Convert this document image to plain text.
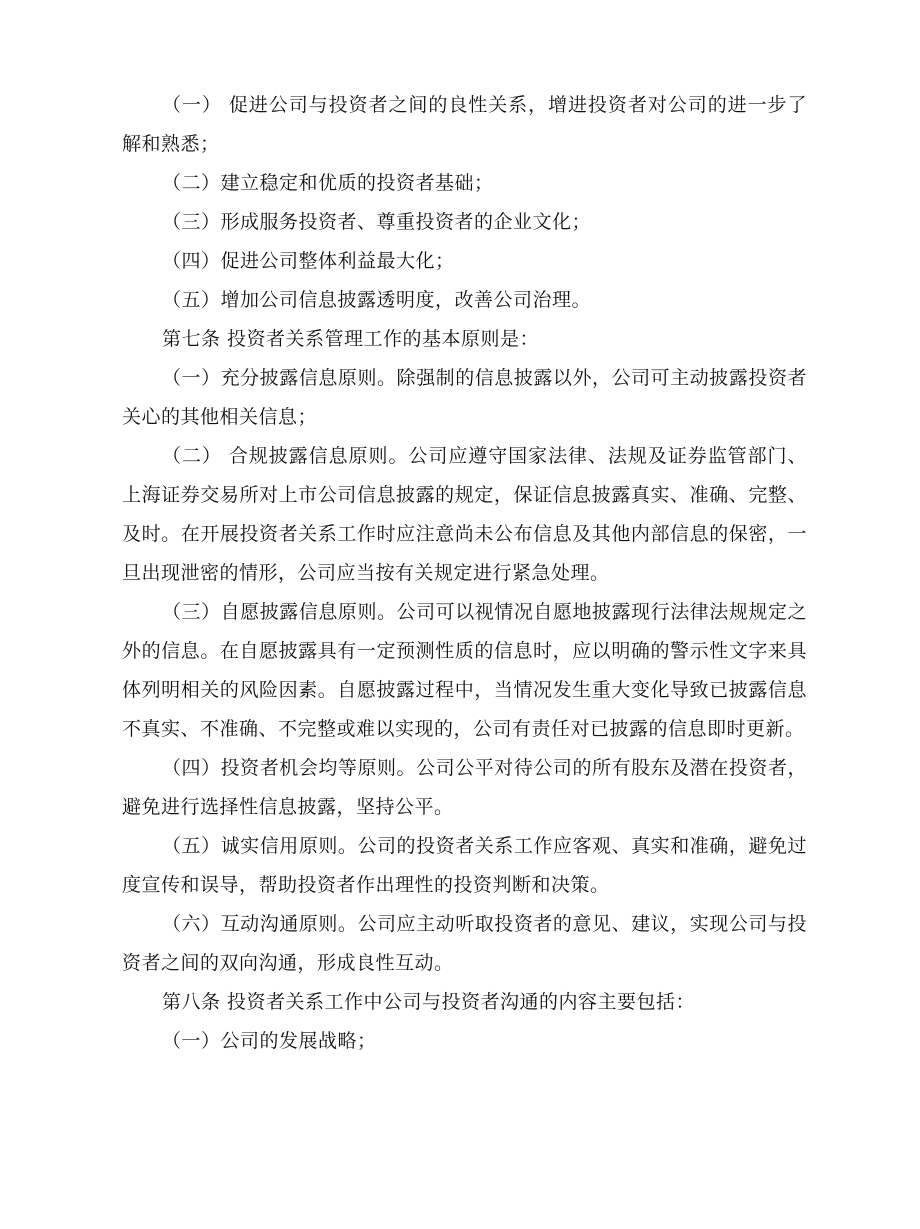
（一） 促进公司与投资者之间的良性关系，增进投资者对公司的进一步了解和熟悉；

（二）建立稳定和优质的投资者基础；

（三）形成服务投资者、尊重投资者的企业文化；

（四）促进公司整体利益最大化；

（五）增加公司信息披露透明度，改善公司治理。

第七条 投资者关系管理工作的基本原则是：

（一）充分披露信息原则。除强制的信息披露以外，公司可主动披露投资者关心的其他相关信息；

（二） 合规披露信息原则。公司应遵守国家法律、法规及证券监管部门、上海证券交易所对上市公司信息披露的规定，保证信息披露真实、准确、完整、及时。在开展投资者关系工作时应注意尚未公布信息及其他内部信息的保密，一旦出现泄密的情形，公司应当按有关规定进行紧急处理。

（三）自愿披露信息原则。公司可以视情况自愿地披露现行法律法规规定之外的信息。在自愿披露具有一定预测性质的信息时，应以明确的警示性文字来具体列明相关的风险因素。自愿披露过程中，当情况发生重大变化导致已披露信息不真实、不准确、不完整或难以实现的，公司有责任对已披露的信息即时更新。

（四）投资者机会均等原则。公司公平对待公司的所有股东及潜在投资者，避免进行选择性信息披露，坚持公平。

（五）诚实信用原则。公司的投资者关系工作应客观、真实和准确，避免过度宣传和误导，帮助投资者作出理性的投资判断和决策。

（六）互动沟通原则。公司应主动听取投资者的意见、建议，实现公司与投资者之间的双向沟通，形成良性互动。

第八条 投资者关系工作中公司与投资者沟通的内容主要包括：

（一）公司的发展战略；
